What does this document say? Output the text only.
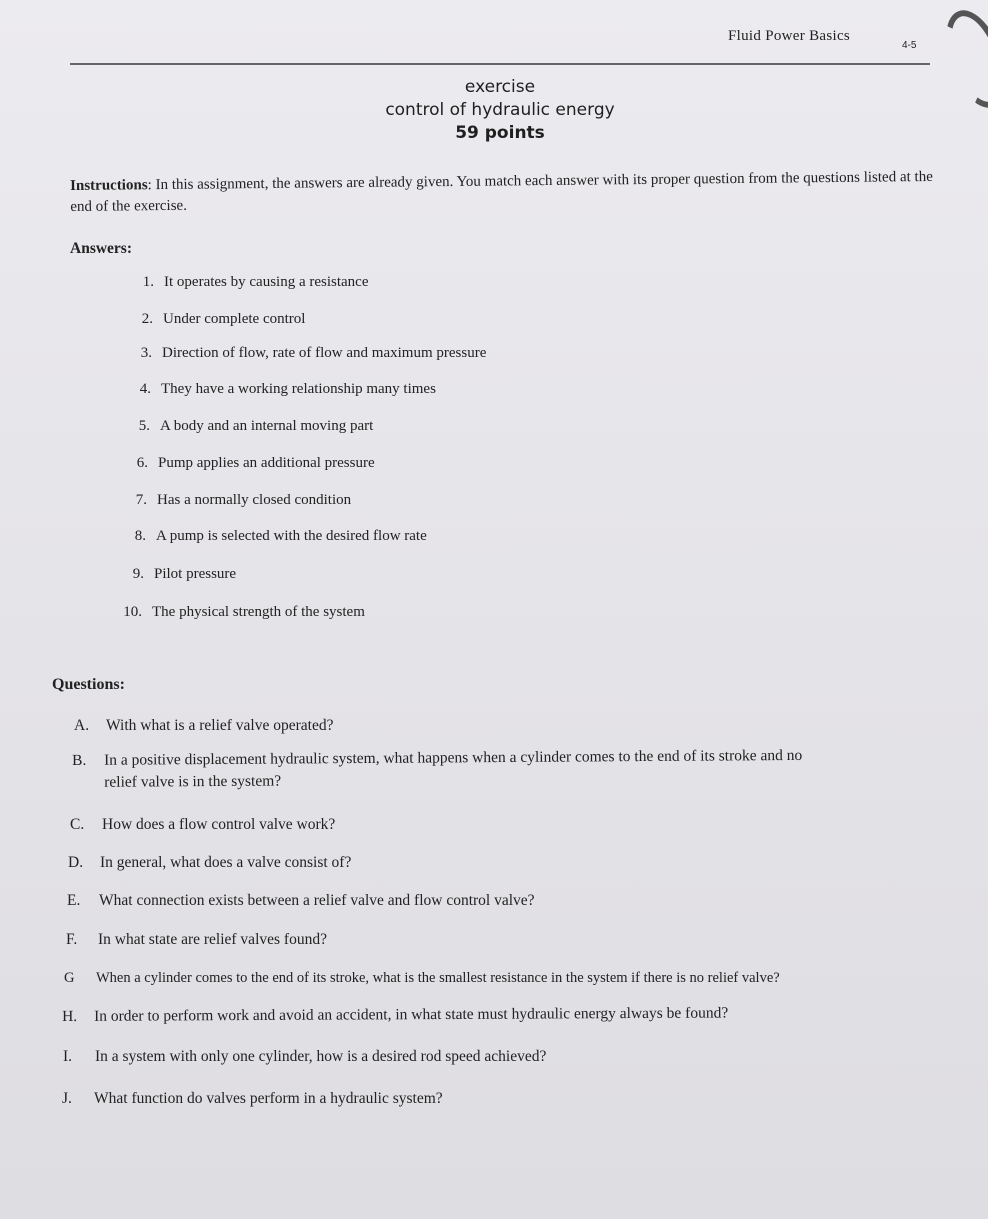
Fluid Power Basics
4-5
exercise
control of hydraulic energy
59 points
Instructions: In this assignment, the answers are already given. You match each answer with its proper question from the questions listed at the end of the exercise.
Answers:
1. It operates by causing a resistance
2. Under complete control
3. Direction of flow, rate of flow and maximum pressure
4. They have a working relationship many times
5. A body and an internal moving part
6. Pump applies an additional pressure
7. Has a normally closed condition
8. A pump is selected with the desired flow rate
9. Pilot pressure
10. The physical strength of the system
Questions:
A. With what is a relief valve operated?
B. In a positive displacement hydraulic system, what happens when a cylinder comes to the end of its stroke and no
relief valve is in the system?
C. How does a flow control valve work?
D. In general, what does a valve consist of?
E. What connection exists between a relief valve and flow control valve?
F. In what state are relief valves found?
G When a cylinder comes to the end of its stroke, what is the smallest resistance in the system if there is no relief valve?
H. In order to perform work and avoid an accident, in what state must hydraulic energy always be found?
I. In a system with only one cylinder, how is a desired rod speed achieved?
J. What function do valves perform in a hydraulic system?
